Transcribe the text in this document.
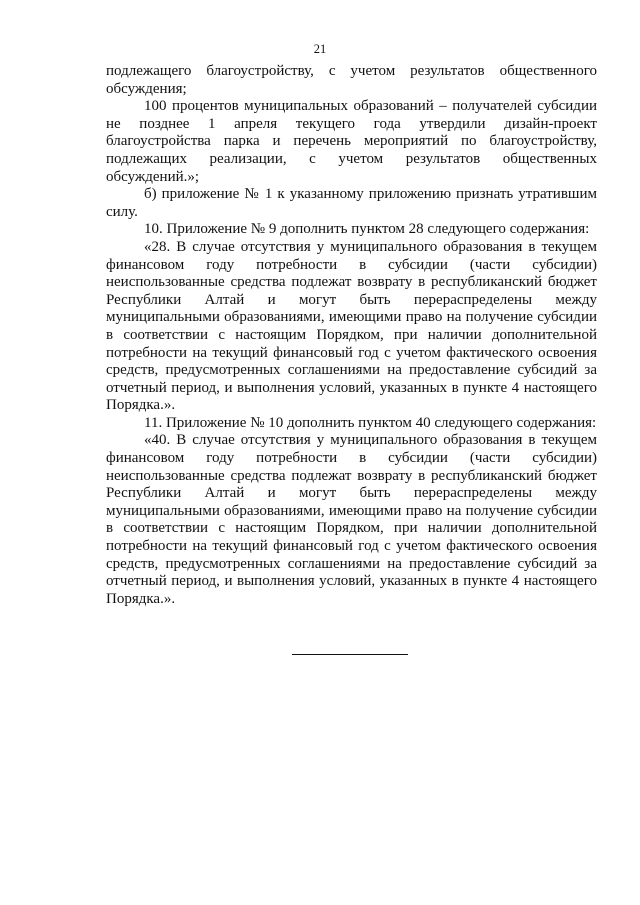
21

подлежащего благоустройству, с учетом результатов общественного обсуждения;

100 процентов муниципальных образований – получателей субсидии не позднее 1 апреля текущего года утвердили дизайн-проект благоустройства парка и перечень мероприятий по благоустройству, подлежащих реализации, с учетом результатов общественных обсуждений.»;

б) приложение № 1 к указанному приложению признать утратившим силу.

10. Приложение № 9 дополнить пунктом 28 следующего содержания:

«28. В случае отсутствия у муниципального образования в текущем финансовом году потребности в субсидии (части субсидии) неиспользованные средства подлежат возврату в республиканский бюджет Республики Алтай и могут быть перераспределены между муниципальными образованиями, имеющими право на получение субсидии в соответствии с настоящим Порядком, при наличии дополнительной потребности на текущий финансовый год с учетом фактического освоения средств, предусмотренных соглашениями на предоставление субсидий за отчетный период, и выполнения условий, указанных в пункте 4 настоящего Порядка.».

11. Приложение № 10 дополнить пунктом 40 следующего содержания:

«40. В случае отсутствия у муниципального образования в текущем финансовом году потребности в субсидии (части субсидии) неиспользованные средства подлежат возврату в республиканский бюджет Республики Алтай и могут быть перераспределены между муниципальными образованиями, имеющими право на получение субсидии в соответствии с настоящим Порядком, при наличии дополнительной потребности на текущий финансовый год с учетом фактического освоения средств, предусмотренных соглашениями на предоставление субсидий за отчетный период, и выполнения условий, указанных в пункте 4 настоящего Порядка.».
